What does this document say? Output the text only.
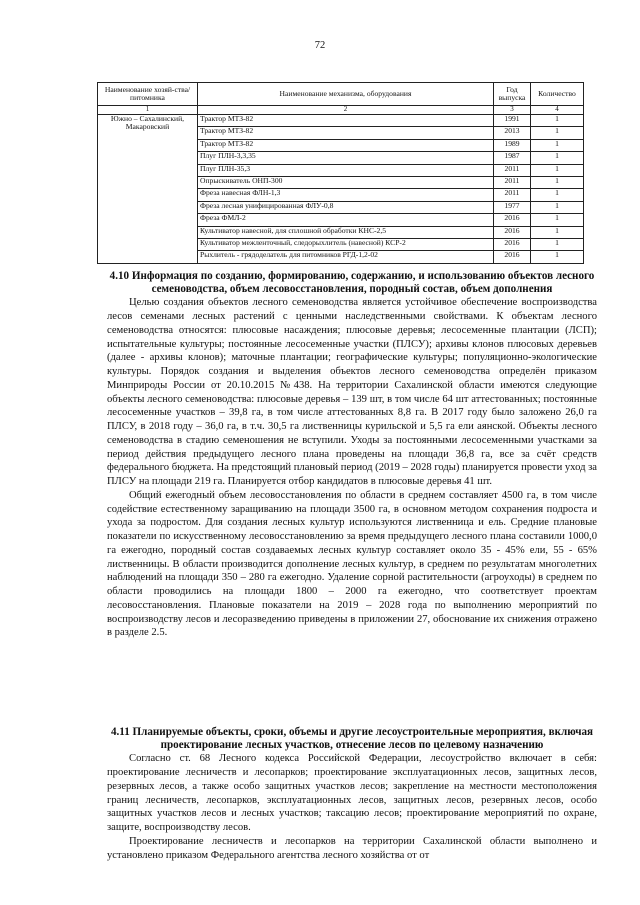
72
Наименование хозяй-ства/питомника	Наименование механизма, оборудования	Год выпуска	Количество
1	2	3	4
Южно – Сахалинский, Макаровский	Трактор МТЗ-82	1991	1
	Трактор МТЗ-82	2013	1
	Трактор МТЗ-82	1989	1
	Плуг ПЛН-3,3,35	1987	1
	Плуг ПЛН-35,3	2011	1
	Опрыскиватель ОНП-300	2011	1
	Фреза навесная ФЛН-1,3	2011	1
	Фреза лесная унифицированная ФЛУ-0,8	1977	1
	Фреза ФМЛ-2	2016	1
	Культиватор навесной, для сплошной обработки КНС-2,5	2016	1
	Культиватор межленточный, следорыхлитель (навесной) КСР-2	2016	1
	Рыхлитель - грядоделатель для питомников РГД-1,2-02	2016	1
4.10 Информация по созданию, формированию, содержанию, и использованию объектов лесного семеноводства, объем лесовосстановления, породный состав, объем дополнения

Целью создания объектов лесного семеноводства является устойчивое обеспечение воспроизводства лесов семенами лесных растений с ценными наследственными свойствами. К объектам лесного семеноводства относятся: плюсовые насаждения; плюсовые деревья; лесосеменные плантации (ЛСП); испытательные культуры; постоянные лесосеменные участки (ПЛСУ); архивы клонов плюсовых деревьев (далее - архивы клонов); маточные плантации; географические культуры; популяционно-экологические культуры. Порядок создания и выделения объектов лесного семеноводства определён приказом Минприроды России от 20.10.2015 №438. На территории Сахалинской области имеются следующие объекты лесного семеноводства: плюсовые деревья – 139 шт, в том числе 64 шт аттестованных; постоянные лесосеменные участков – 39,8 га, в том числе аттестованных 8,8 га. В 2017 году было заложено 26,0 га ПЛСУ, в 2018 году – 36,0 га, в т.ч. 30,5 га лиственницы курильской и 5,5 га ели аянской. Объекты лесного семеноводства в стадию семеношения не вступили. Уходы за постоянными лесосеменными участками за период действия предыдущего лесного плана проведены на площади 36,8 га, все за счёт средств федерального бюджета. На предстоящий плановый период (2019 – 2028 годы) планируется провести уход за ПЛСУ на площади 219 га. Планируется отбор кандидатов в плюсовые деревья 41 шт.

Общий ежегодный объем лесовосстановления по области в среднем составляет 4500 га, в том числе содействие естественному заращиванию на площади 3500 га, в основном методом сохранения подроста и ухода за подростом. Для создания лесных культур используются лиственница и ель. Средние плановые показатели по искусственному лесовосстановлению за время предыдущего лесного плана составили 1000,0 га ежегодно, породный состав создаваемых лесных культур составляет около 35 - 45% ели, 55 - 65% лиственницы. В области производится дополнение лесных культур, в среднем по результатам многолетних наблюдений на площади 350 – 280 га ежегодно. Удаление сорной растительности (агроуходы) в среднем по области проводились на площади 1800 – 2000 га ежегодно, что соответствует проектам лесовосстановления. Плановые показатели на 2019 – 2028 года по выполнению мероприятий по воспроизводству лесов и лесоразведению приведены в приложении 27, обоснование их снижения отражено в разделе 2.5.

4.11 Планируемые объекты, сроки, объемы и другие лесоустроительные мероприятия, включая проектирование лесных участков, отнесение лесов по целевому назначению

Согласно ст. 68 Лесного кодекса Российской Федерации, лесоустройство включает в себя: проектирование лесничеств и лесопарков; проектирование эксплуатационных лесов, защитных лесов, резервных лесов, а также особо защитных участков лесов; закрепление на местности местоположения границ лесничеств, лесопарков, эксплуатационных лесов, защитных лесов, резервных лесов, особо защитных участков лесов и лесных участков; таксацию лесов; проектирование мероприятий по охране, защите, воспроизводству лесов.

Проектирование лесничеств и лесопарков на территории Сахалинской области выполнено и установлено приказом Федерального агентства лесного хозяйства от от
